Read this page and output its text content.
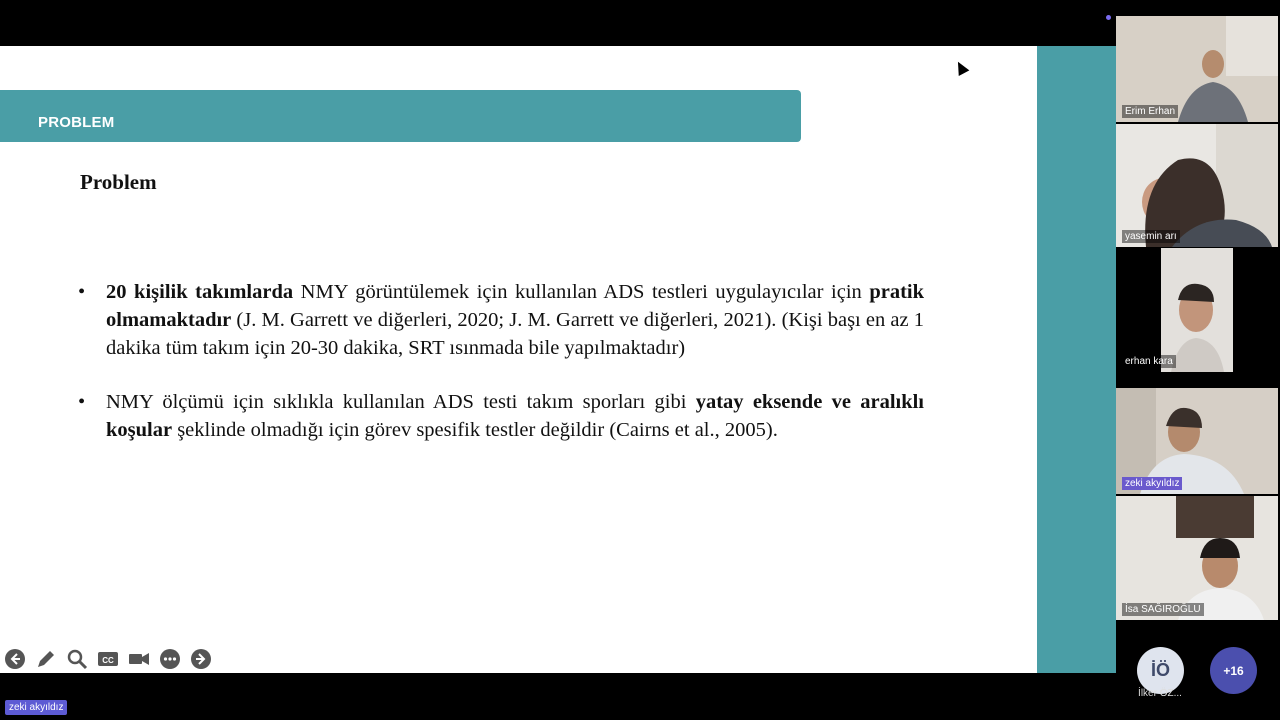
PROBLEM
Problem
• 20 kişilik takımlarda NMY görüntülemek için kullanılan ADS testleri uygulayıcılar için pratik olmamaktadır (J. M. Garrett ve diğerleri, 2020; J. M. Garrett ve diğerleri, 2021). (Kişi başı en az 1 dakika tüm takım için 20-30 dakika, SRT ısınmada bile yapılmaktadır)
• NMY ölçümü için sıklıkla kullanılan ADS testi takım sporları gibi yatay eksende ve aralıklı koşular şeklinde olmadığı için görev spesifik testler değildir (Cairns et al., 2005).
CC
Erim Erhan
yasemin arı
erhan kara
zeki akyıldız
İsa SAĞIROĞLU
İÖ
İlker ÖZ...
+16
zeki akyıldız
